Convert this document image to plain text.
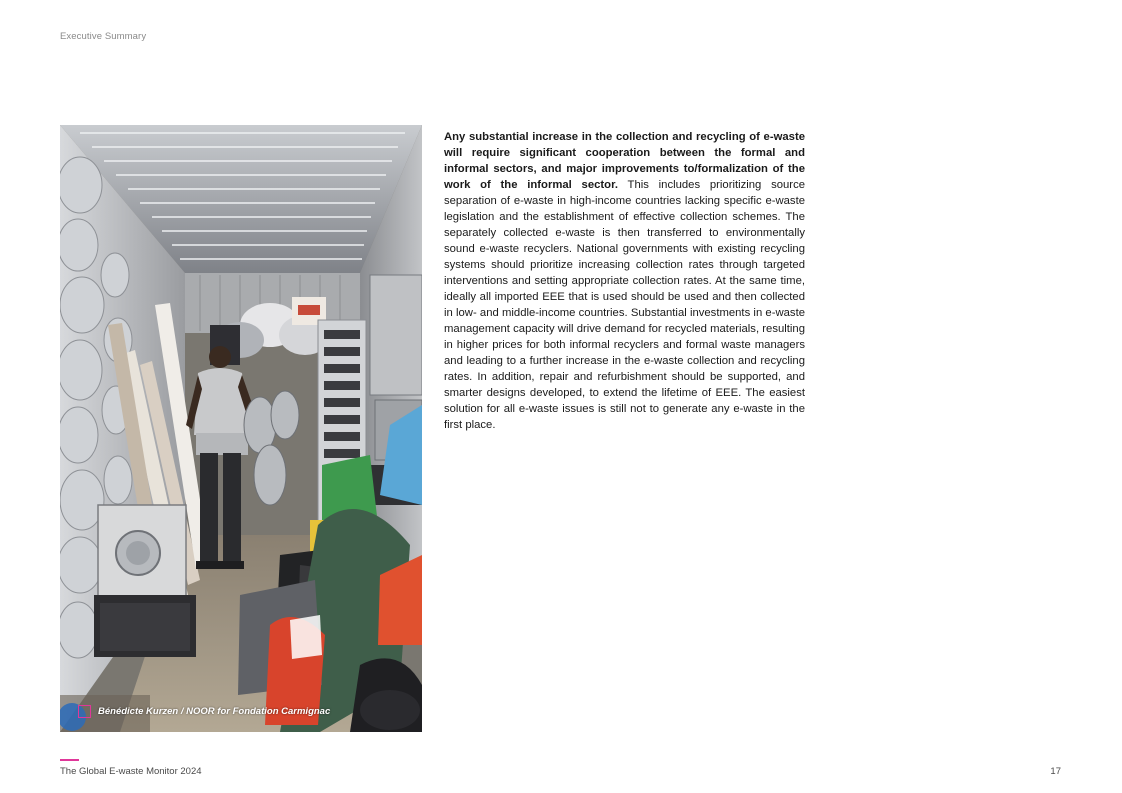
Executive Summary
Bénédicte Kurzen / NOOR for Fondation Carmignac
Any substantial increase in the collection and recycling of e-waste will require significant cooperation between the formal and informal sectors, and major improvements to/formalization of the work of the informal sector. This includes prioritizing source separation of e-waste in high-income countries lacking specific e-waste legislation and the establishment of effective collection schemes. The separately collected e-waste is then transferred to environmentally sound e-waste recyclers. National governments with existing recycling systems should prioritize increasing collection rates through targeted interventions and setting appropriate collection rates. At the same time, ideally all imported EEE that is used should be used and then collected in low- and middle-income countries. Substantial investments in e-waste management capacity will drive demand for recycled materials, resulting in higher prices for both informal recyclers and formal waste managers and leading to a further increase in the e-waste collection and recycling rates. In addition, repair and refurbishment should be supported, and smarter designs developed, to extend the lifetime of EEE. The easiest solution for all e-waste issues is still not to generate any e-waste in the first place.
The Global E-waste Monitor 2024	17
